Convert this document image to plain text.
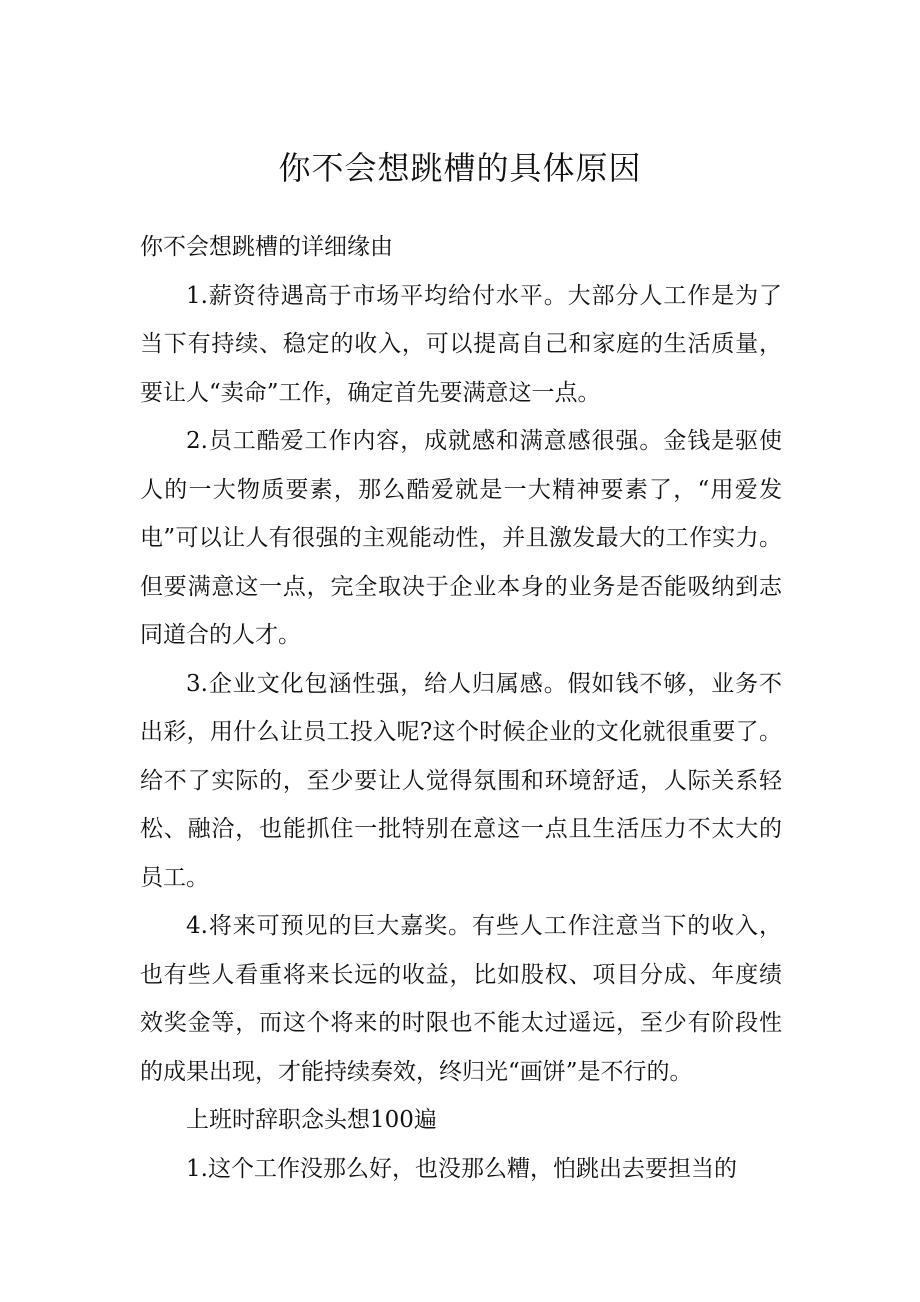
你不会想跳槽的具体原因

你不会想跳槽的详细缘由

1.薪资待遇高于市场平均给付水平。大部分人工作是为了当下有持续、稳定的收入，可以提高自己和家庭的生活质量，要让人“卖命”工作，确定首先要满意这一点。

2.员工酷爱工作内容，成就感和满意感很强。金钱是驱使人的一大物质要素，那么酷爱就是一大精神要素了，“用爱发电”可以让人有很强的主观能动性，并且激发最大的工作实力。但要满意这一点，完全取决于企业本身的业务是否能吸纳到志同道合的人才。

3.企业文化包涵性强，给人归属感。假如钱不够，业务不出彩，用什么让员工投入呢?这个时候企业的文化就很重要了。给不了实际的，至少要让人觉得氛围和环境舒适，人际关系轻松、融洽，也能抓住一批特别在意这一点且生活压力不太大的员工。

4.将来可预见的巨大嘉奖。有些人工作注意当下的收入，也有些人看重将来长远的收益，比如股权、项目分成、年度绩效奖金等，而这个将来的时限也不能太过遥远，至少有阶段性的成果出现，才能持续奏效，终归光“画饼”是不行的。

上班时辞职念头想100遍

1.这个工作没那么好，也没那么糟，怕跳出去要担当的
